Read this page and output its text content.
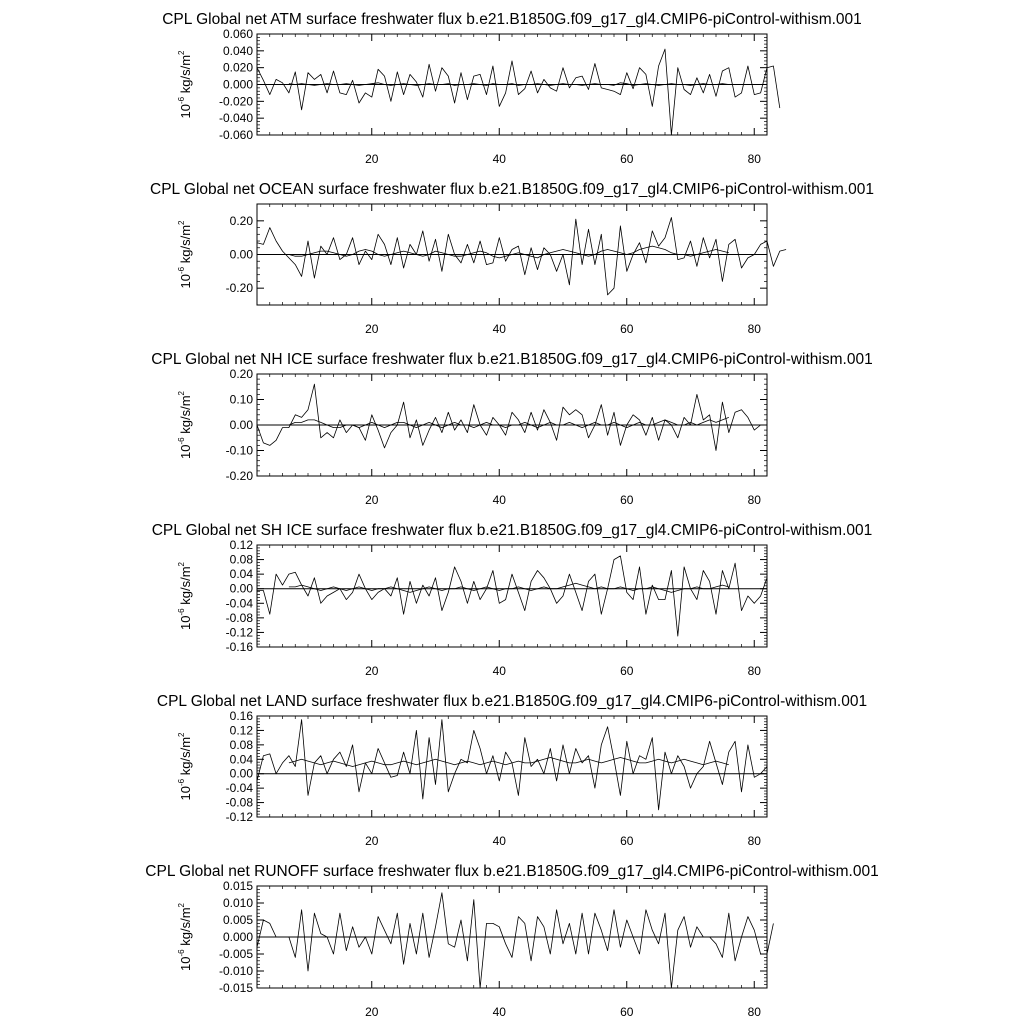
CPL Global net ATM surface freshwater flux b.e21.B1850G.f09_g17_gl4.CMIP6-piControl-withism.001
20	40	60	80
-0.060
-0.040
-0.020
0.000
0.020
0.040
0.060
$10^{-6}$ $kg/s/m^2$
CPL Global net OCEAN surface freshwater flux b.e21.B1850G.f09_g17_gl4.CMIP6-piControl-withism.001
20	40	60	80
-0.20
0.00
0.20
$10^{-6}$ $kg/s/m^2$
CPL Global net NH ICE surface freshwater flux b.e21.B1850G.f09_g17_gl4.CMIP6-piControl-withism.001
20	40	60	80
-0.20
-0.10
0.00
0.10
0.20
$10^{-6}$ $kg/s/m^2$
CPL Global net SH ICE surface freshwater flux b.e21.B1850G.f09_g17_gl4.CMIP6-piControl-withism.001
20	40	60	80
-0.16
-0.12
-0.08
-0.04
0.00
0.04
0.08
0.12
$10^{-6}$ $kg/s/m^2$
CPL Global net LAND surface freshwater flux b.e21.B1850G.f09_g17_gl4.CMIP6-piControl-withism.001
20	40	60	80
-0.12
-0.08
-0.04
0.00
0.04
0.08
0.12
0.16
$10^{-6}$ $kg/s/m^2$
CPL Global net RUNOFF surface freshwater flux b.e21.B1850G.f09_g17_gl4.CMIP6-piControl-withism.001
20	40	60	80
-0.015
-0.010
-0.005
0.000
0.005
0.010
0.015
$10^{-6}$ $kg/s/m^2$
